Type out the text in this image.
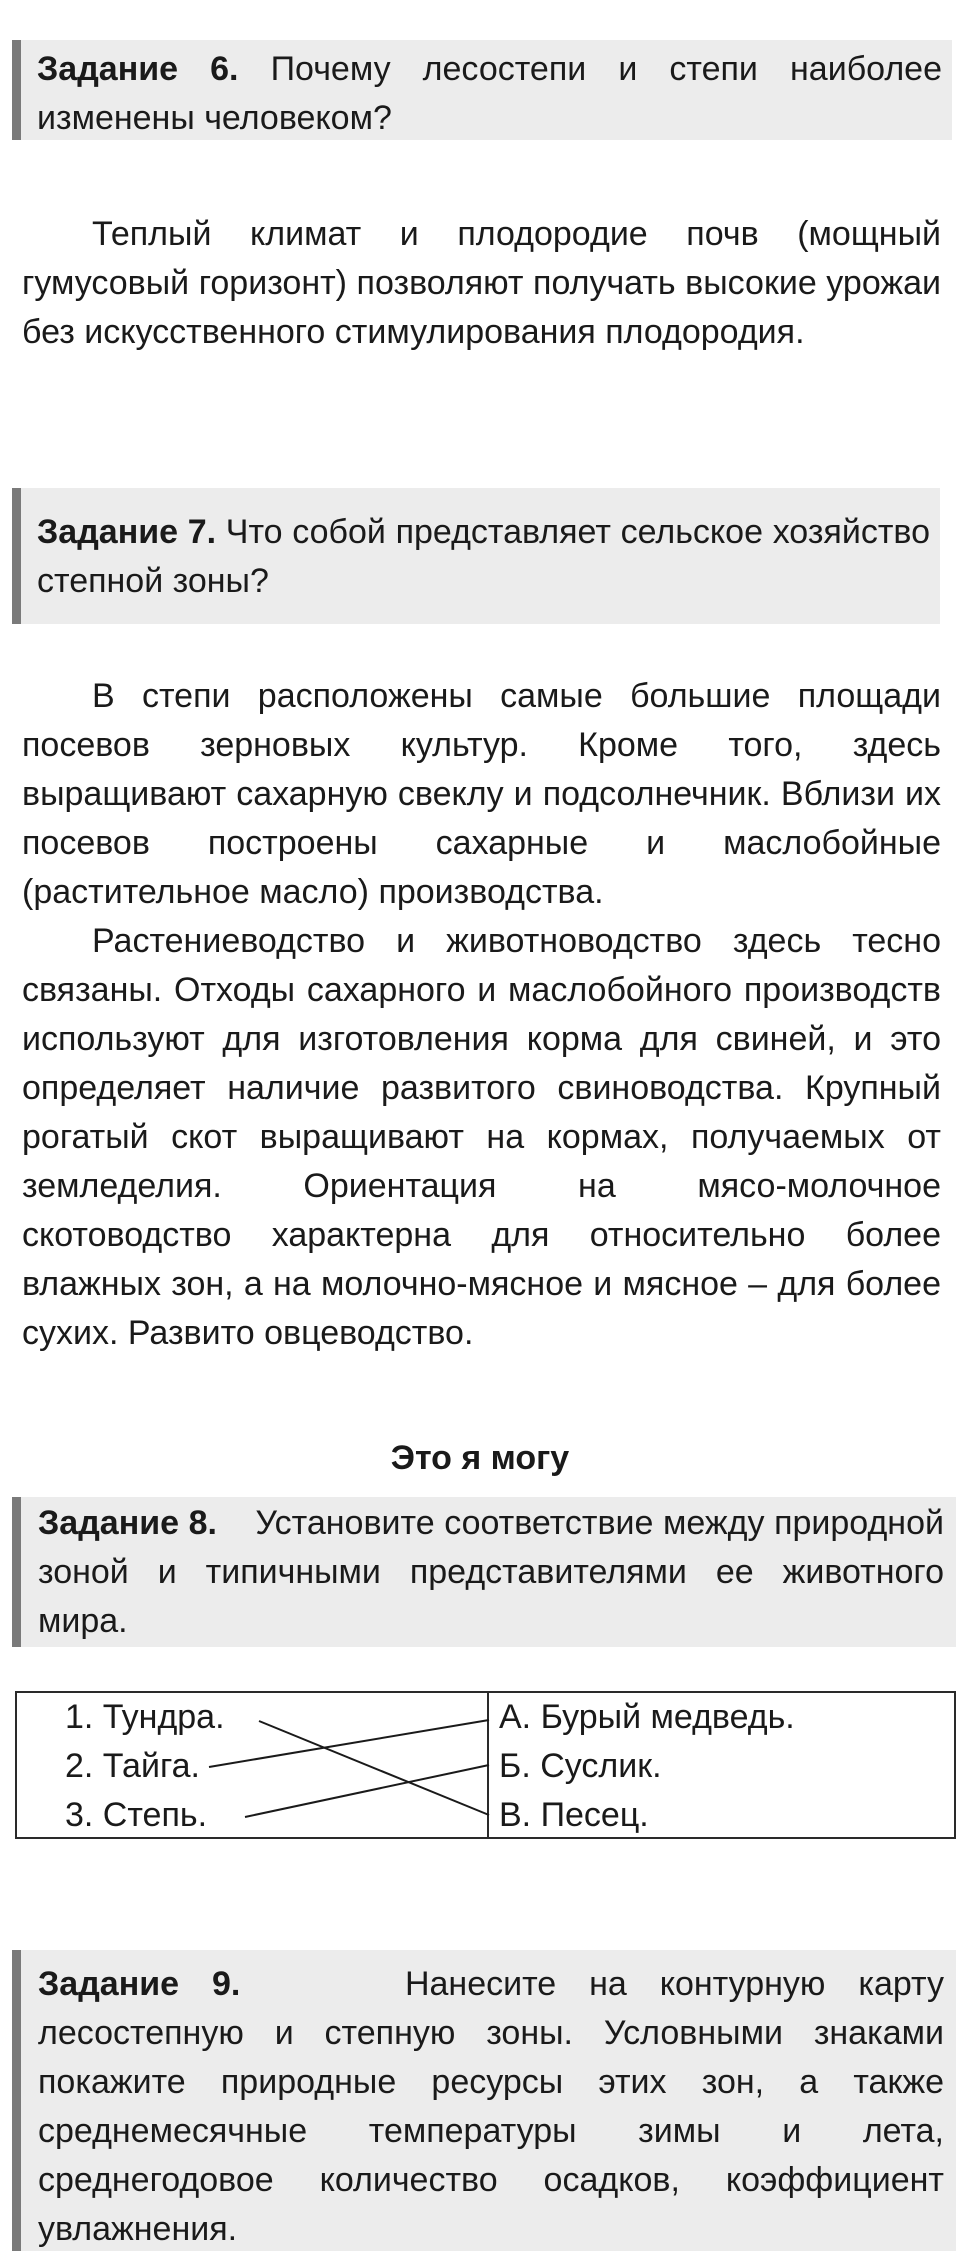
Задание 6. Почему лесостепи и степи наиболее изменены человеком?

Теплый климат и плодородие почв (мощный гумусовый горизонт) позволяют получать высокие урожаи без искусственного стимулирования плодородия.

Задание 7. Что собой представляет сельское хозяйство степной зоны?

В степи расположены самые большие площади посевов зерновых культур. Кроме того, здесь выращивают сахарную свеклу и подсолнечник. Вблизи их посевов построены сахарные и маслобойные (растительное масло) производства.

Растениеводство и животноводство здесь тесно связаны. Отходы сахарного и маслобойного производств используют для изготовления корма для свиней, и это определяет наличие развитого свиноводства. Крупный рогатый скот выращивают на кормах, получаемых от земледелия. Ориентация на мясо-молочное скотоводство характерна для относительно более влажных зон, а на молочно-мясное и мясное – для более сухих. Развито овцеводство.

Это я могу
Задание 8. Установите соответствие между природной зоной и типичными представителями ее животного мира.
1. Тундра.
2. Тайга.
3. Степь.
А. Бурый медведь.
Б. Суслик.
В. Песец.
Задание 9.	Нанесите на контурную карту лесостепную и степную зоны. Условными знаками покажите природные ресурсы этих зон, а также среднемесячные температуры зимы и лета, среднегодовое количество осадков, коэффициент увлажнения.
